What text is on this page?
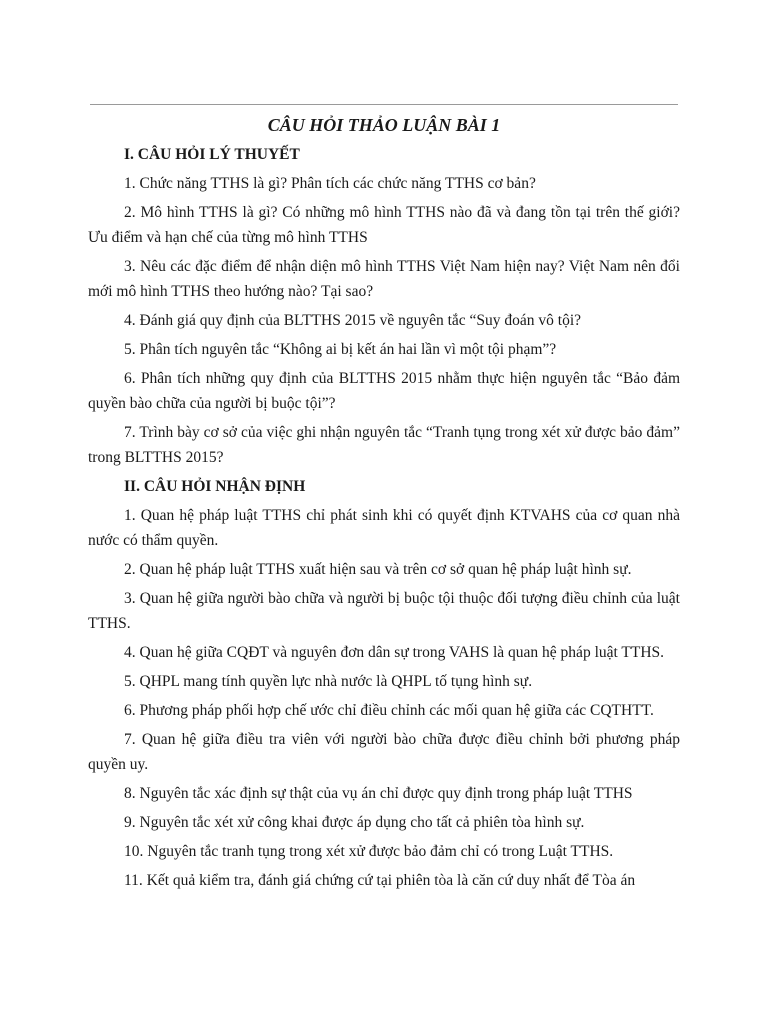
CÂU HỎI THẢO LUẬN BÀI 1
I. CÂU HỎI LÝ THUYẾT

1. Chức năng TTHS là gì? Phân tích các chức năng TTHS cơ bản?

2. Mô hình TTHS là gì? Có những mô hình TTHS nào đã và đang tồn tại trên thế giới? Ưu điểm và hạn chế của từng mô hình TTHS

3. Nêu các đặc điểm để nhận diện mô hình TTHS Việt Nam hiện nay? Việt Nam nên đổi mới mô hình TTHS theo hướng nào? Tại sao?

4. Đánh giá quy định của BLTTHS 2015 về nguyên tắc “Suy đoán vô tội?

5. Phân tích nguyên tắc “Không ai bị kết án hai lần vì một tội phạm”?

6. Phân tích những quy định của BLTTHS 2015 nhằm thực hiện nguyên tắc “Bảo đảm quyền bào chữa của người bị buộc tội”?

7. Trình bày cơ sở của việc ghi nhận nguyên tắc “Tranh tụng trong xét xử được bảo đảm” trong BLTTHS 2015?

II. CÂU HỎI NHẬN ĐỊNH

1. Quan hệ pháp luật TTHS chỉ phát sinh khi có quyết định KTVAHS của cơ quan nhà nước có thẩm quyền.

2. Quan hệ pháp luật TTHS xuất hiện sau và trên cơ sở quan hệ pháp luật hình sự.

3. Quan hệ giữa người bào chữa và người bị buộc tội thuộc đối tượng điều chỉnh của luật TTHS.

4. Quan hệ giữa CQĐT và nguyên đơn dân sự trong VAHS là quan hệ pháp luật TTHS.

5. QHPL mang tính quyền lực nhà nước là QHPL tố tụng hình sự.

6. Phương pháp phối hợp chế ước chỉ điều chỉnh các mối quan hệ giữa các CQTHTT.

7. Quan hệ giữa điều tra viên với người bào chữa được điều chỉnh bởi phương pháp quyền uy.

8. Nguyên tắc xác định sự thật của vụ án chỉ được quy định trong pháp luật TTHS

9. Nguyên tắc xét xử công khai được áp dụng cho tất cả phiên tòa hình sự.

10. Nguyên tắc tranh tụng trong xét xử được bảo đảm chỉ có trong Luật TTHS.

11. Kết quả kiểm tra, đánh giá chứng cứ tại phiên tòa là căn cứ duy nhất để Tòa án
